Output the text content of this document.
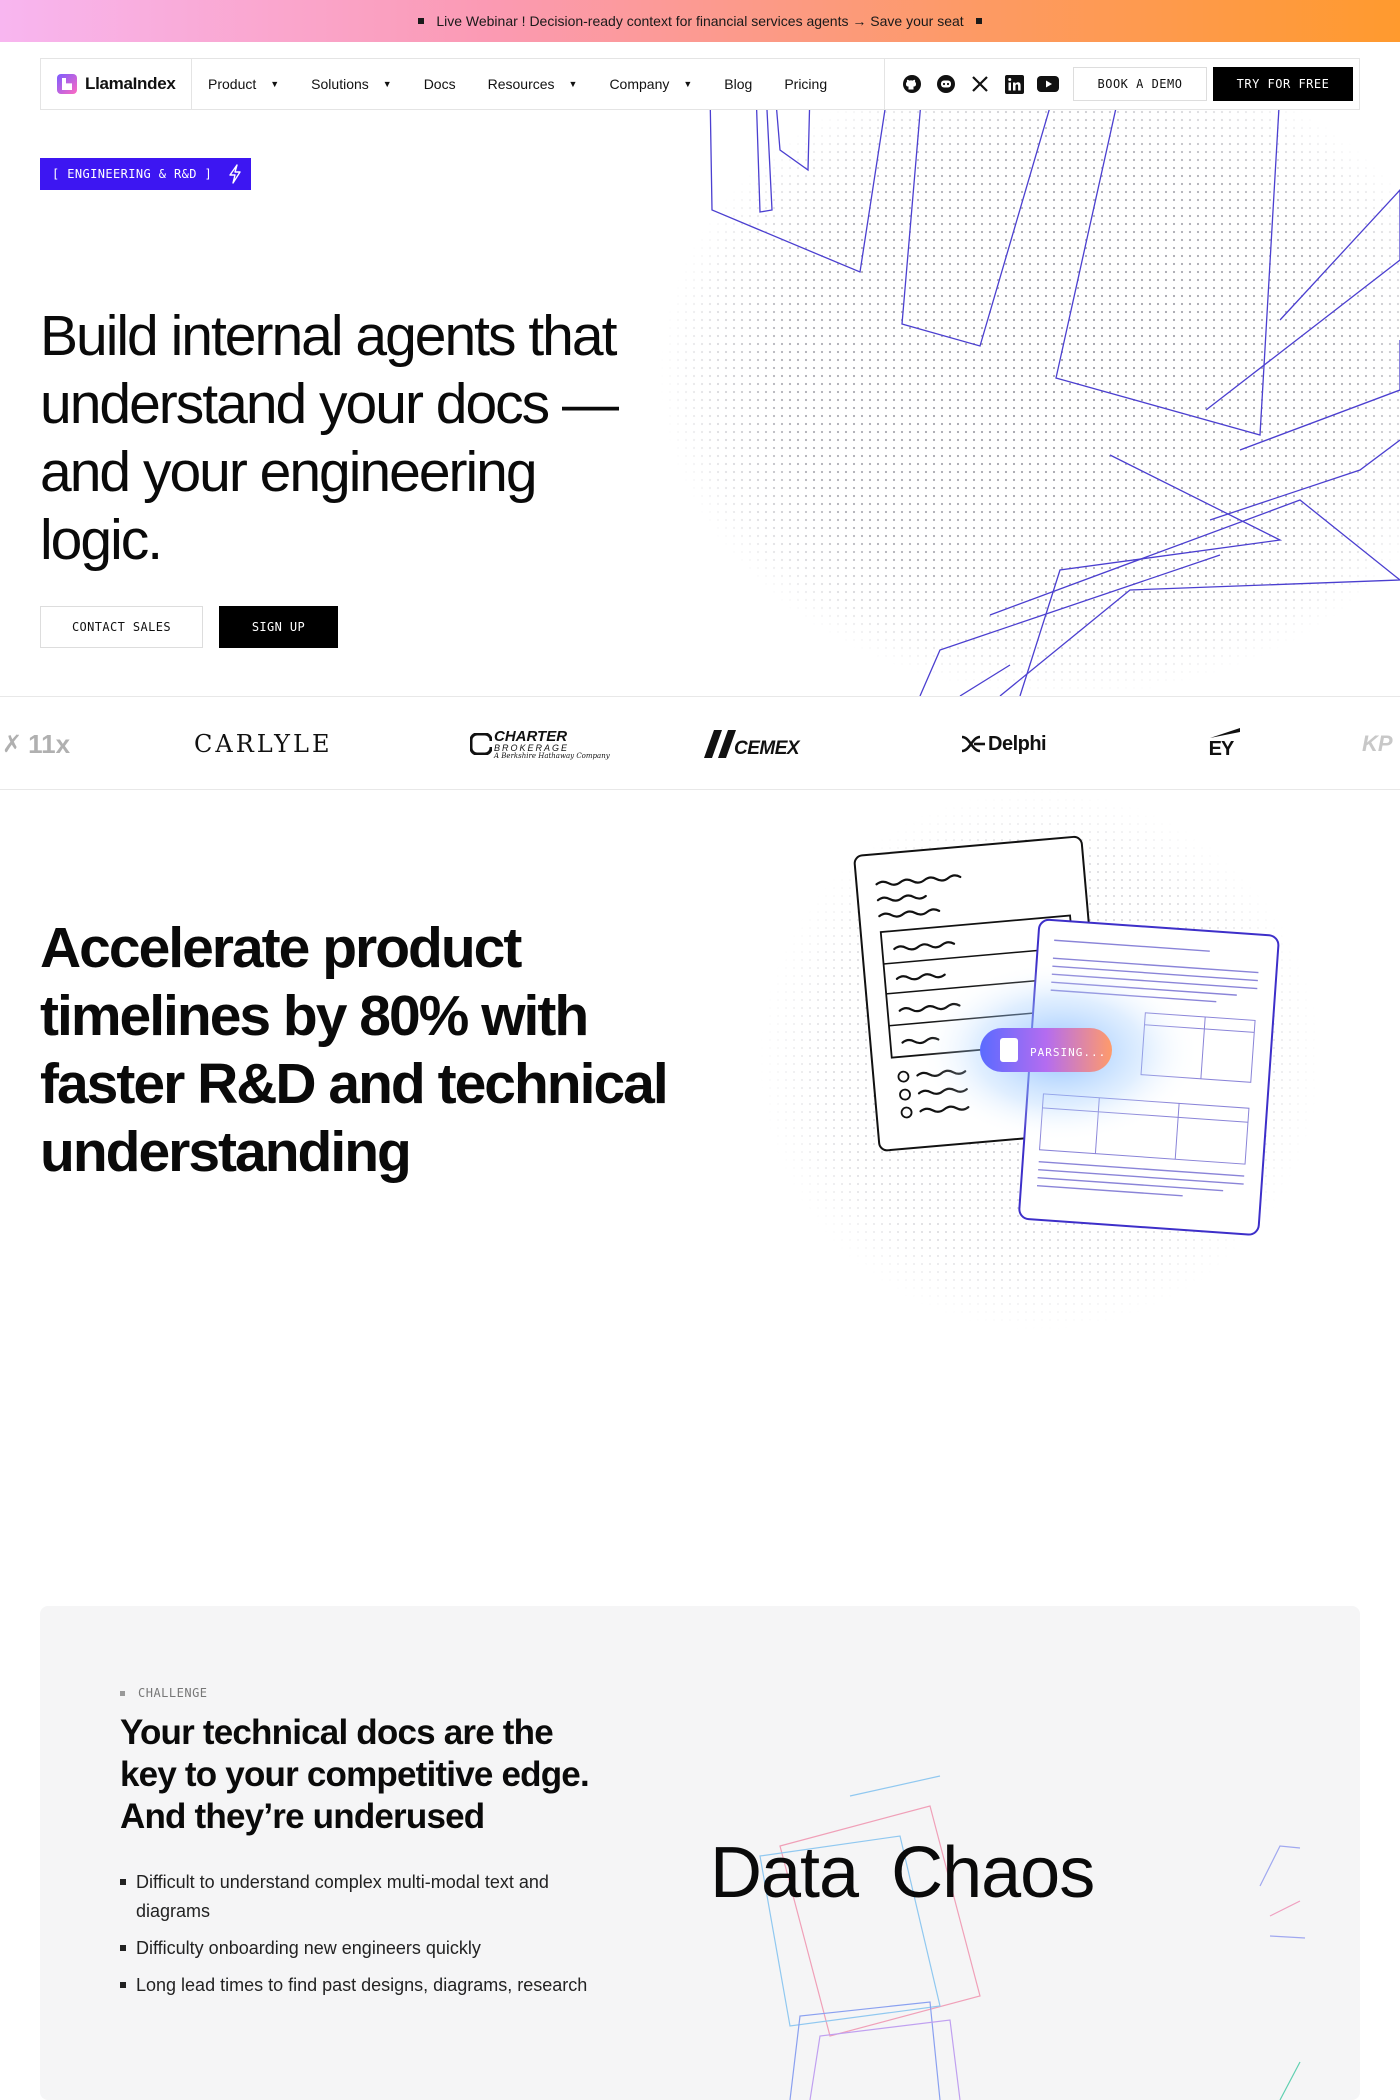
Live Webinar ! Decision-ready context for financial services agents → Save your seat
LlamaIndex Product ▼ Solutions ▼ Docs Resources ▼ Company ▼ Blog Pricing	BOOK A DEMO	TRY FOR FREE
[ ENGINEERING & R&D ]
Build internal agents that understand your docs — and your engineering logic.
CONTACT SALES	SIGN UP
✗ 11x	CARLYLE	CHARTER
BROKERAGE
A Berkshire Hathaway Company	CEMEX	Delphi	EY	KP
Accelerate product timelines by 80% with faster R&D and technical understanding
PARSING...
CHALLENGE
Your technical docs are the key to your competitive edge. And they’re underused
Difficult to understand complex multi-modal text and diagrams
Difficulty onboarding new engineers quickly
Long lead times to find past designs, diagrams, research
Data Chaos
